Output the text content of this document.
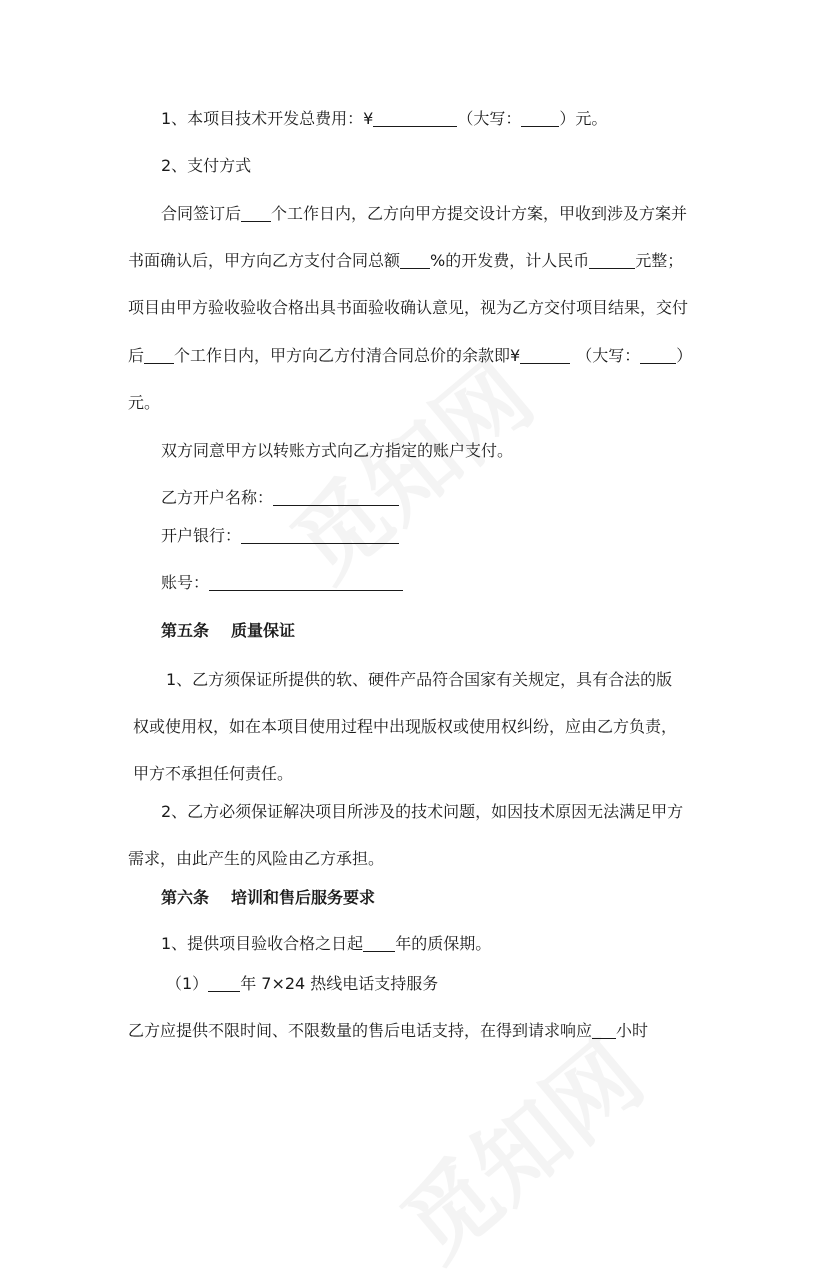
1、本项目技术开发总费用：¥	（大写： ）元。
2、支付方式
合同签订后 个工作日内，乙方向甲方提交设计方案，甲收到涉及方案并
书面确认后，甲方向乙方支付合同总额 %的开发费，计人民币	元整；
项目由甲方验收验收合格出具书面验收确认意见，视为乙方交付项目结果，交付
后 个工作日内，甲方向乙方付清合同总价的余款即¥	（大写： ）
元。
双方同意甲方以转账方式向乙方指定的账户支付。
乙方开户名称：
开户银行：
账号：
第五条 质量保证
1、乙方须保证所提供的软、硬件产品符合国家有关规定，具有合法的版
权或使用权，如在本项目使用过程中出现版权或使用权纠纷，应由乙方负责，
甲方不承担任何责任。
2、乙方必须保证解决项目所涉及的技术问题，如因技术原因无法满足甲方
需求，由此产生的风险由乙方承担。
第六条 培训和售后服务要求
1、提供项目验收合格之日起 年的质保期。
（1） 年 7×24 热线电话支持服务
乙方应提供不限时间、不限数量的售后电话支持，在得到请求响应 小时
